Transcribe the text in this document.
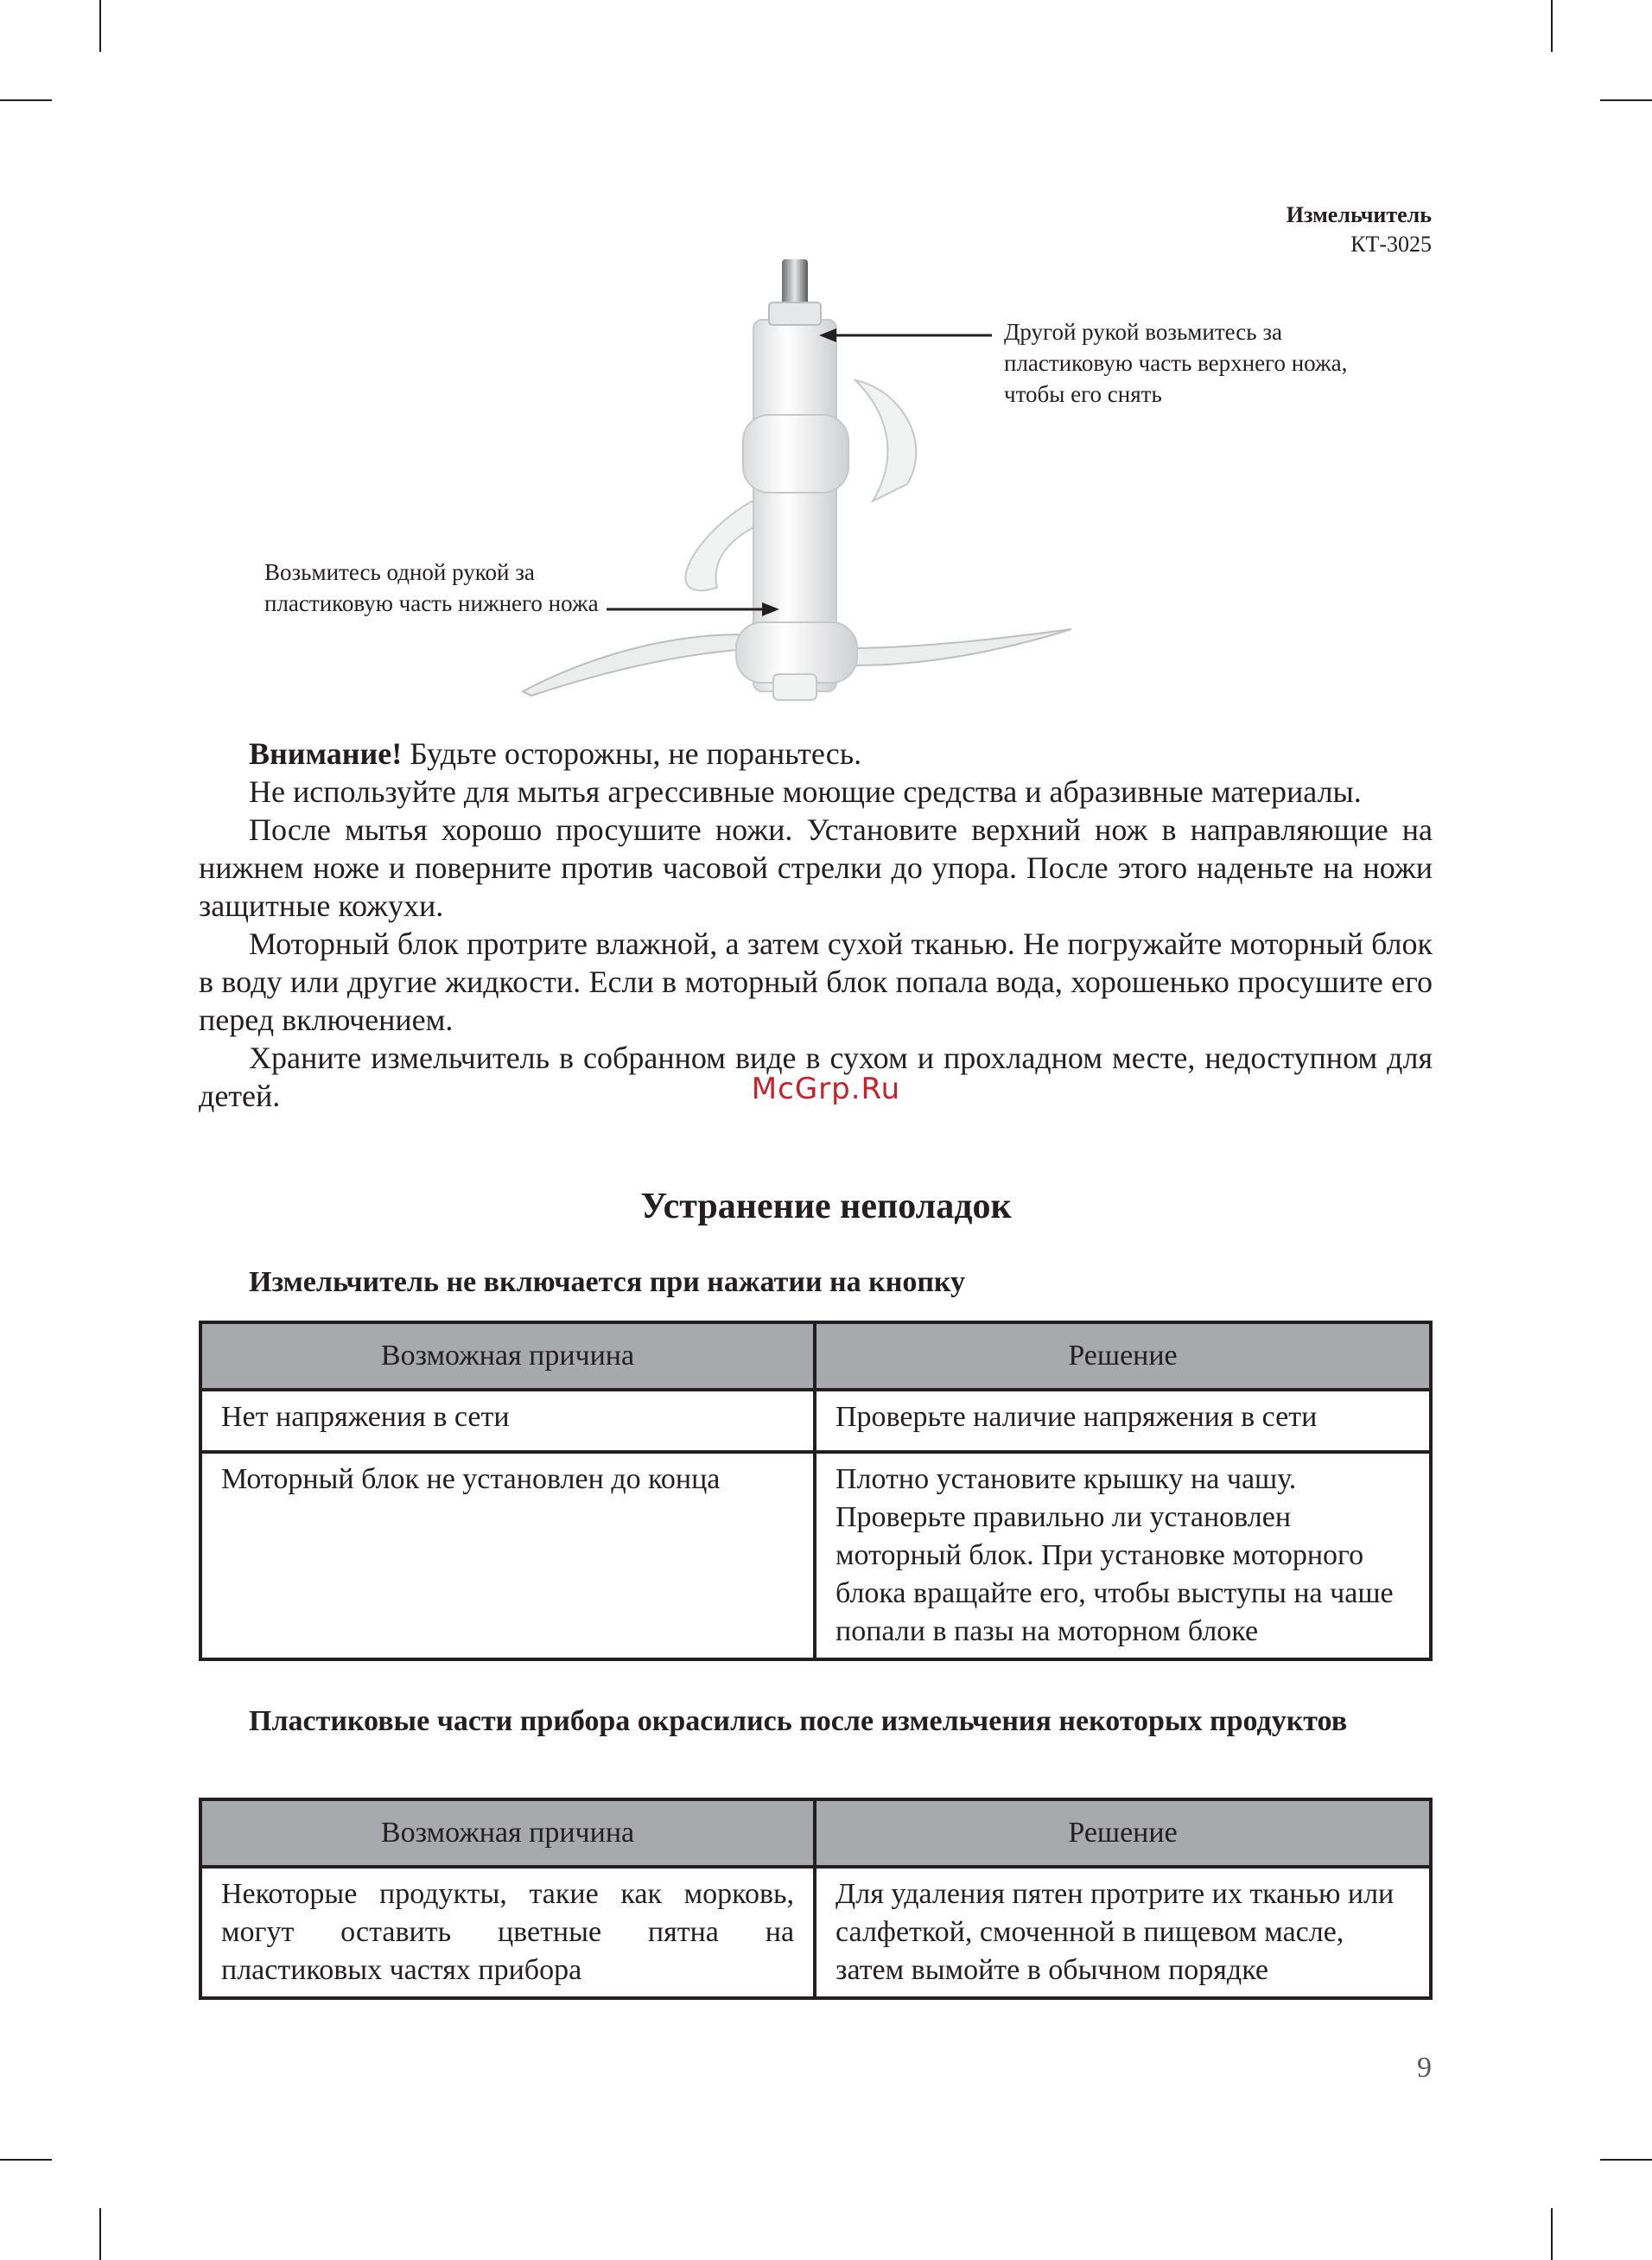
Измельчитель
КТ-3025
Другой рукой возьмитесь за пластиковую часть верхнего ножа, чтобы его снять
Возьмитесь одной рукой за пластиковую часть нижнего ножа

Внимание! Будьте осторожны, не пораньтесь.

Не используйте для мытья агрессивные моющие средства и абразивные материалы.

После мытья хорошо просушите ножи. Установите верхний нож в направляющие на нижнем ноже и поверните против часовой стрелки до упора. После этого наденьте на ножи защитные кожухи.

Моторный блок протрите влажной, а затем сухой тканью. Не погружайте моторный блок в воду или другие жидкости. Если в моторный блок попала вода, хорошенько просушите его перед включением.

Храните измельчитель в собранном виде в сухом и прохладном месте, недоступном для детей.	McGrp.Ru
Устранение неполадок
Измельчитель не включается при нажатии на кнопку
Возможная причина	Решение
Нет напряжения в сети	Проверьте наличие напряжения в сети
Моторный блок не установлен до конца	Плотно установите крышку на чашу. Проверьте правильно ли установлен моторный блок. При установке моторного блока вращайте его, чтобы выступы на чаше попали в пазы на моторном блоке
Пластиковые части прибора окрасились после измельчения некоторых продуктов
Возможная причина	Решение
Некоторые продукты, такие как морковь, могут оставить цветные пятна на пластиковых частях прибора	Для удаления пятен протрите их тканью или салфеткой, смоченной в пищевом масле, затем вымойте в обычном порядке
9
